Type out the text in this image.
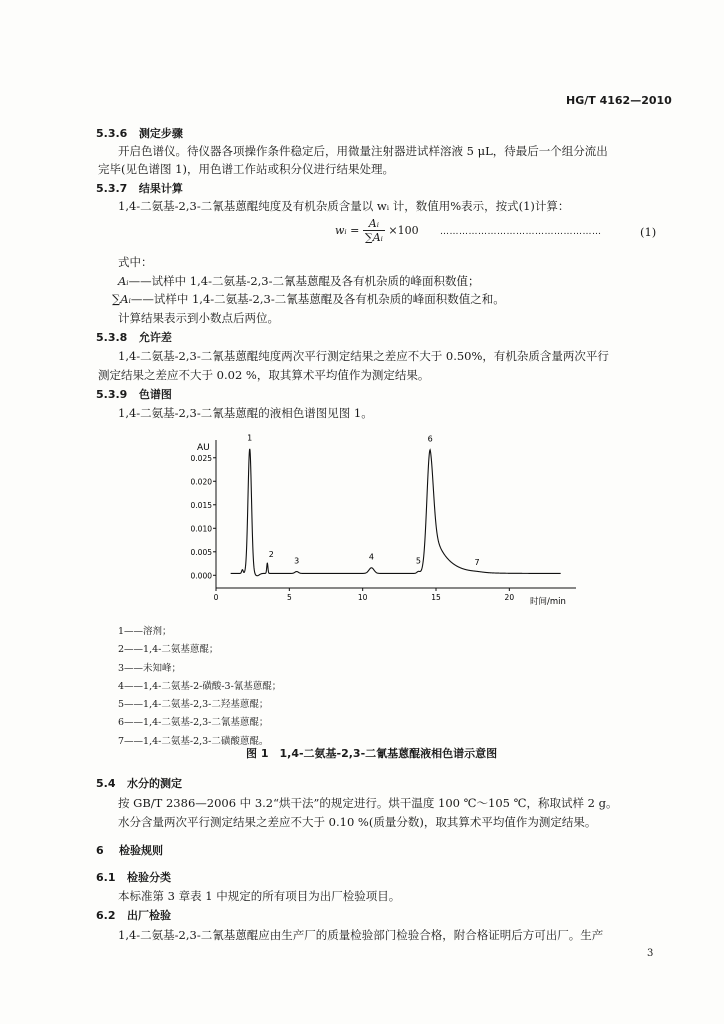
HG/T 4162—2010
5.3.6 测定步骤
开启色谱仪。待仪器各项操作条件稳定后，用微量注射器进试样溶液 5 μL，待最后一个组分流出
完毕(见色谱图 1)，用色谱工作站或积分仪进行结果处理。
5.3.7 结果计算
1,4-二氨基-2,3-二氰基蒽醌纯度及有机杂质含量以 wᵢ 计，数值用%表示，按式(1)计算：
wᵢ = $\frac{\text{Aᵢ}}{\text{∑Aᵢ}} \times 100$ ……………………………………………	(1)
式中：
Aᵢ——试样中 1,4-二氨基-2,3-二氰基蒽醌及各有机杂质的峰面积数值；
∑Aᵢ——试样中 1,4-二氨基-2,3-二氰基蒽醌及各有机杂质的峰面积数值之和。
计算结果表示到小数点后两位。
5.3.8 允许差
1,4-二氨基-2,3-二氰基蒽醌纯度两次平行测定结果之差应不大于 0.50%，有机杂质含量两次平行
测定结果之差应不大于 0.02 %，取其算术平均值作为测定结果。
5.3.9 色谱图
1,4-二氨基-2,3-二氰基蒽醌的液相色谱图见图 1。
0.000
0.005
0.010
0.015
0.020
0.025
0	5	10	15	20
1
2
3	4	5
6
7
AU
时间/min
1——溶剂；
2——1,4-二氨基蒽醌；
3——未知峰；
4——1,4-二氨基-2-磺酸-3-氰基蒽醌；
5——1,4-二氨基-2,3-二羟基蒽醌；
6——1,4-二氨基-2,3-二氰基蒽醌；
7——1,4-二氨基-2,3-二磺酸蒽醌。
图 1　1,4-二氨基-2,3-二氰基蒽醌液相色谱示意图
5.4 水分的测定
按 GB/T 2386—2006 中 3.2“烘干法”的规定进行。烘干温度 100 ℃～105 ℃，称取试样 2 g。
水分含量两次平行测定结果之差应不大于 0.10 %(质量分数)，取其算术平均值作为测定结果。
6 检验规则
6.1 检验分类
本标准第 3 章表 1 中规定的所有项目为出厂检验项目。
6.2 出厂检验
1,4-二氨基-2,3-二氰基蒽醌应由生产厂的质量检验部门检验合格，附合格证明后方可出厂。生产
3
